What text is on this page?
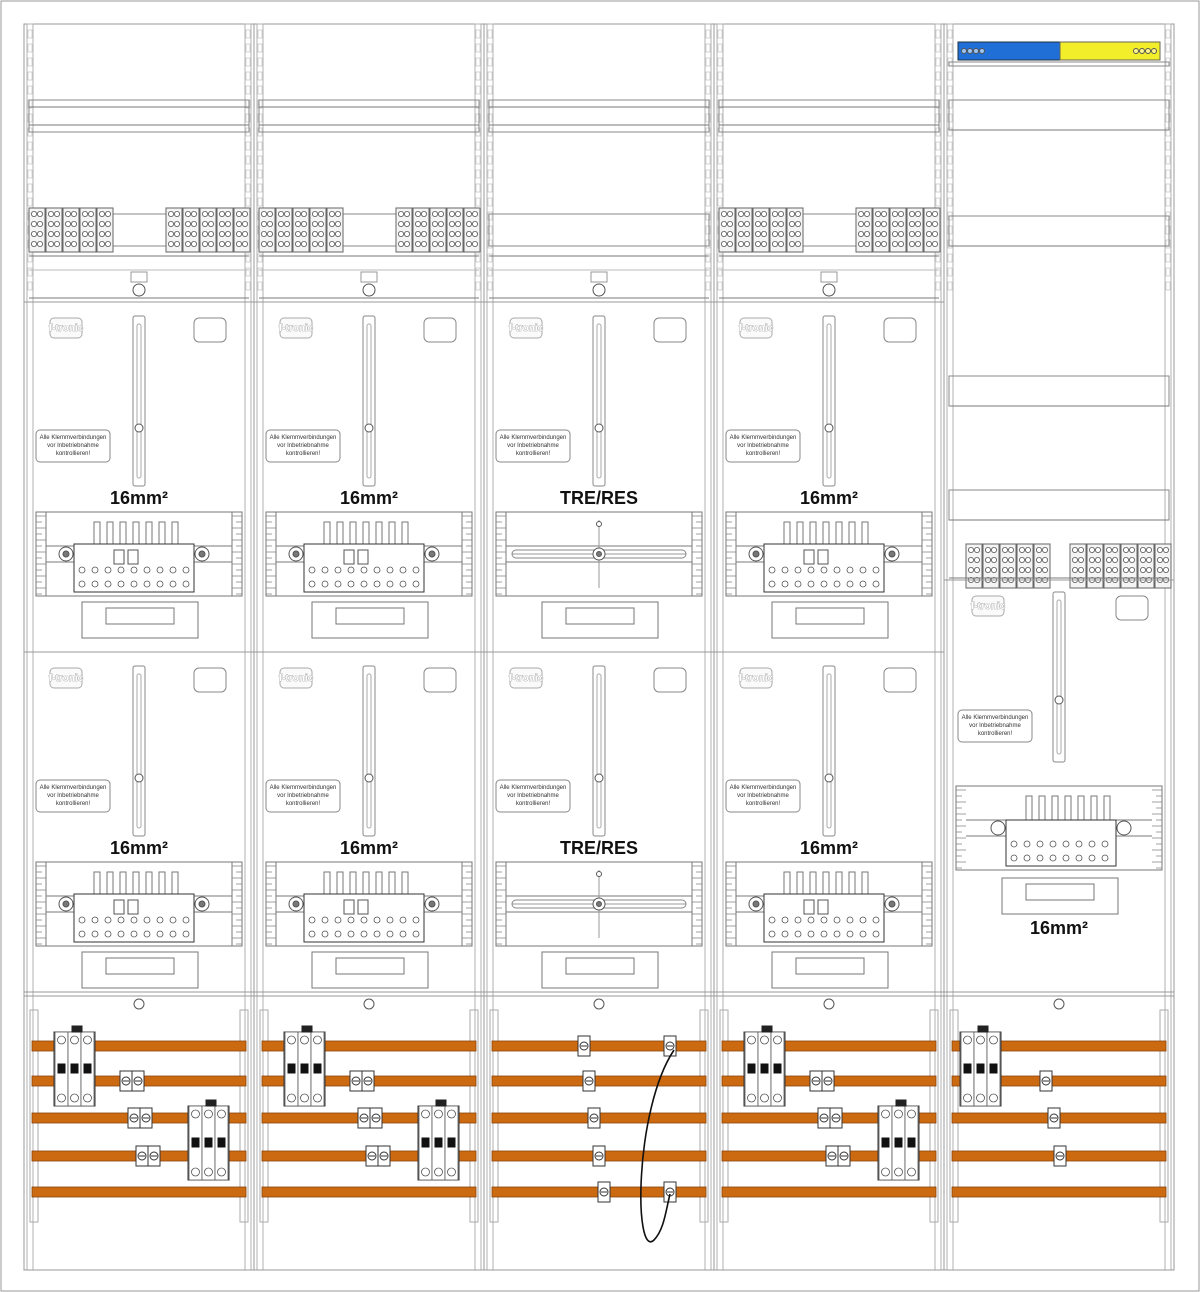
f-tronic
Alle Klemmverbindungen
vor Inbetriebnahme
kontrollieren!
16mm²
f-tronic
Alle Klemmverbindungen
vor Inbetriebnahme
kontrollieren!
16mm²
f-tronic
Alle Klemmverbindungen
vor Inbetriebnahme
kontrollieren!
16mm²
f-tronic
Alle Klemmverbindungen
vor Inbetriebnahme
kontrollieren!
16mm²
f-tronic
Alle Klemmverbindungen
vor Inbetriebnahme
kontrollieren!
TRE/RES
f-tronic
Alle Klemmverbindungen
vor Inbetriebnahme
kontrollieren!
TRE/RES
f-tronic
Alle Klemmverbindungen
vor Inbetriebnahme
kontrollieren!
16mm²
f-tronic
Alle Klemmverbindungen
vor Inbetriebnahme
kontrollieren!
16mm²
f-tronic
Alle Klemmverbindungen
vor Inbetriebnahme
kontrollieren!
16mm²
